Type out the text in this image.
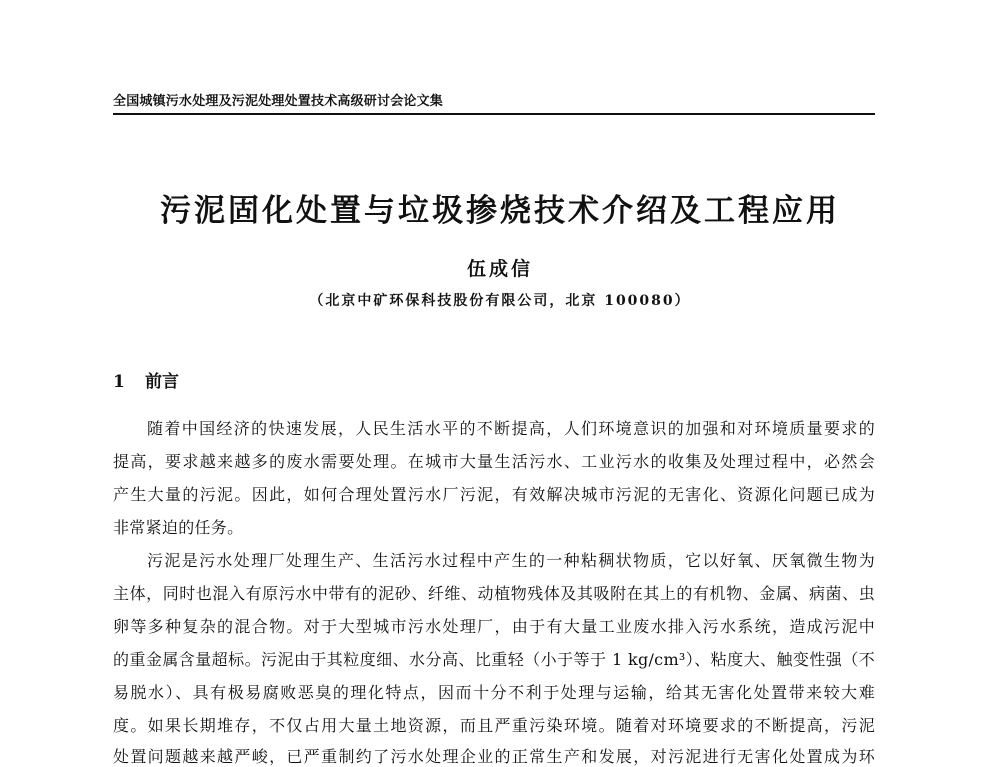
全国城镇污水处理及污泥处理处置技术高级研讨会论文集
污泥固化处置与垃圾掺烧技术介绍及工程应用
伍成信
（北京中矿环保科技股份有限公司，北京 100080）
1 前言
随着中国经济的快速发展，人民生活水平的不断提高，人们环境意识的加强和对环境质量要求的
提高，要求越来越多的废水需要处理。在城市大量生活污水、工业污水的收集及处理过程中，必然会
产生大量的污泥。因此，如何合理处置污水厂污泥，有效解决城市污泥的无害化、资源化问题已成为
非常紧迫的任务。
污泥是污水处理厂处理生产、生活污水过程中产生的一种粘稠状物质，它以好氧、厌氧微生物为
主体，同时也混入有原污水中带有的泥砂、纤维、动植物残体及其吸附在其上的有机物、金属、病菌、虫
卵等多种复杂的混合物。对于大型城市污水处理厂，由于有大量工业废水排入污水系统，造成污泥中
的重金属含量超标。污泥由于其粒度细、水分高、比重轻（小于等于 1 kg/cm³）、粘度大、触变性强（不
易脱水）、具有极易腐败恶臭的理化特点，因而十分不利于处理与运输，给其无害化处置带来较大难
度。如果长期堆存，不仅占用大量土地资源，而且严重污染环境。随着对环境要求的不断提高，污泥
处置问题越来越严峻，已严重制约了污水处理企业的正常生产和发展，对污泥进行无害化处置成为环
